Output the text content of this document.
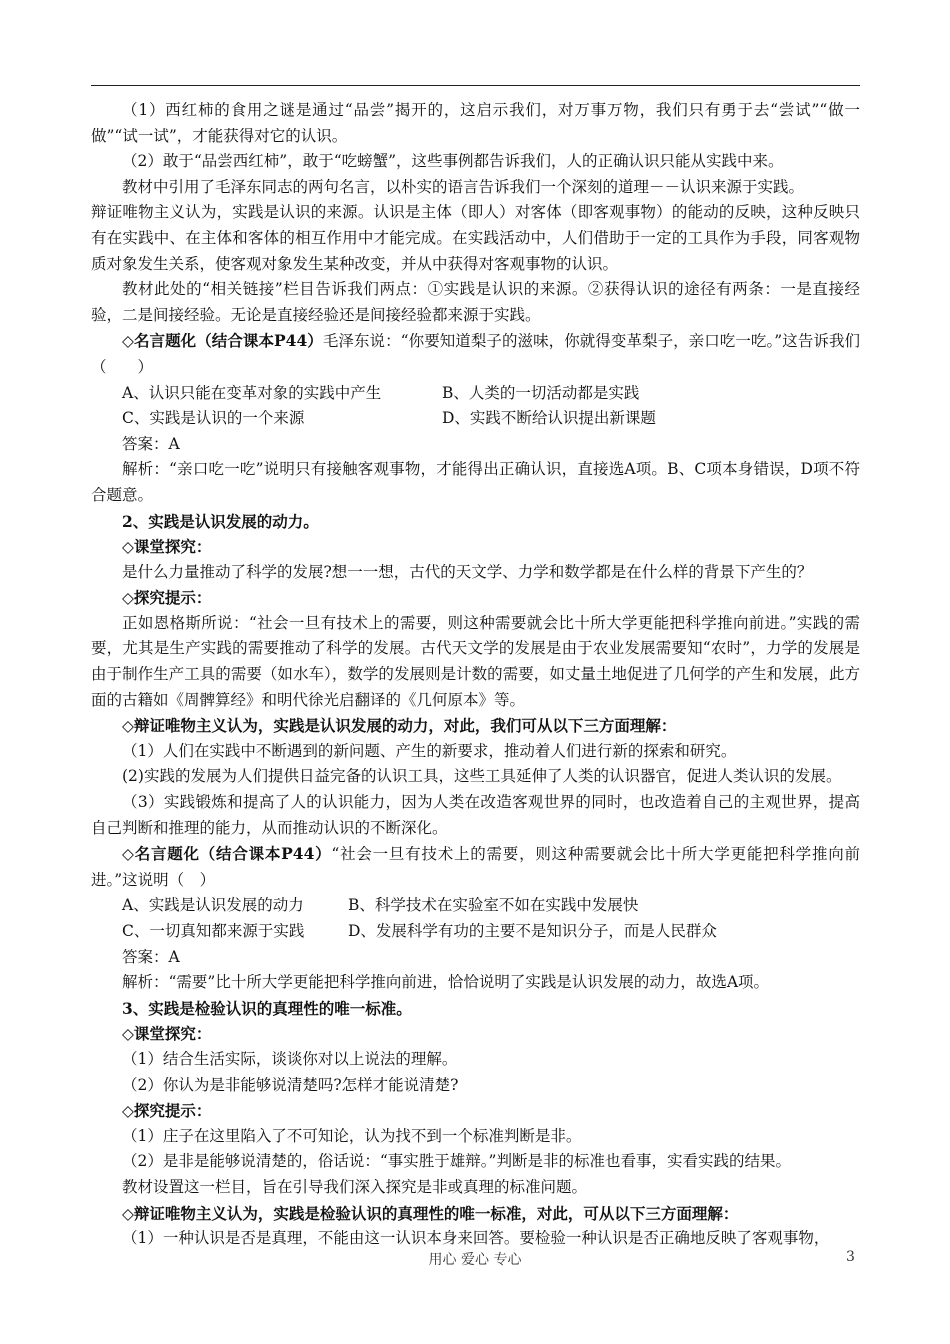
（1）西红柿的食用之谜是通过“品尝”揭开的，这启示我们，对万事万物，我们只有勇于去“尝试”“做一做”“试一试”，才能获得对它的认识。

（2）敢于“品尝西红柿”，敢于“吃螃蟹”，这些事例都告诉我们，人的正确认识只能从实践中来。

教材中引用了毛泽东同志的两句名言，以朴实的语言告诉我们一个深刻的道理－－认识来源于实践。

辩证唯物主义认为，实践是认识的来源。认识是主体（即人）对客体（即客观事物）的能动的反映，这种反映只有在实践中、在主体和客体的相互作用中才能完成。在实践活动中，人们借助于一定的工具作为手段，同客观物质对象发生关系，使客观对象发生某种改变，并从中获得对客观事物的认识。

教材此处的“相关链接”栏目告诉我们两点：①实践是认识的来源。②获得认识的途径有两条：一是直接经验，二是间接经验。无论是直接经验还是间接经验都来源于实践。

◇名言题化（结合课本P44）毛泽东说：“你要知道梨子的滋味，你就得变革梨子，亲口吃一吃。”这告诉我们（　　）

A、认识只能在变革对象的实践中产生	B、人类的一切活动都是实践
C、实践是认识的一个来源	D、实践不断给认识提出新课题

答案：A

解析：“亲口吃一吃”说明只有接触客观事物，才能得出正确认识，直接选A项。B、C项本身错误，D项不符合题意。

2、实践是认识发展的动力。

◇课堂探究：

是什么力量推动了科学的发展?想一一想，古代的天文学、力学和数学都是在什么样的背景下产生的？

◇探究提示：

正如恩格斯所说：“社会一旦有技术上的需要，则这种需要就会比十所大学更能把科学推向前进。”实践的需要，尤其是生产实践的需要推动了科学的发展。古代天文学的发展是由于农业发展需要知“农时”，力学的发展是由于制作生产工具的需要（如水车），数学的发展则是计数的需要，如丈量土地促进了几何学的产生和发展，此方面的古籍如《周髀算经》和明代徐光启翻译的《几何原本》等。

◇辩证唯物主义认为，实践是认识发展的动力，对此，我们可从以下三方面理解：

（1）人们在实践中不断遇到的新问题、产生的新要求，推动着人们进行新的探索和研究。

(2)实践的发展为人们提供日益完备的认识工具，这些工具延伸了人类的认识器官，促进人类认识的发展。

（3）实践锻炼和提高了人的认识能力，因为人类在改造客观世界的同时，也改造着自己的主观世界，提高自己判断和推理的能力，从而推动认识的不断深化。

◇名言题化（结合课本P44）“社会一旦有技术上的需要，则这种需要就会比十所大学更能把科学推向前进。”这说明（　）

A、实践是认识发展的动力	B、科学技术在实验室不如在实践中发展快
C、一切真知都来源于实践	D、发展科学有功的主要不是知识分子，而是人民群众

答案：A

解析：“需要”比十所大学更能把科学推向前进，恰恰说明了实践是认识发展的动力，故选A项。

3、实践是检验认识的真理性的唯一标准。

◇课堂探究：

（1）结合生活实际，谈谈你对以上说法的理解。

（2）你认为是非能够说清楚吗?怎样才能说清楚?

◇探究提示：

（1）庄子在这里陷入了不可知论，认为找不到一个标准判断是非。

（2）是非是能够说清楚的，俗话说：“事实胜于雄辩。”判断是非的标准也看事，实看实践的结果。

教材设置这一栏目，旨在引导我们深入探究是非或真理的标准问题。

◇辩证唯物主义认为，实践是检验认识的真理性的唯一标准，对此，可从以下三方面理解：

（1）一种认识是否是真理，不能由这一认识本身来回答。要检验一种认识是否正确地反映了客观事物，

用心 爱心 专心	3
